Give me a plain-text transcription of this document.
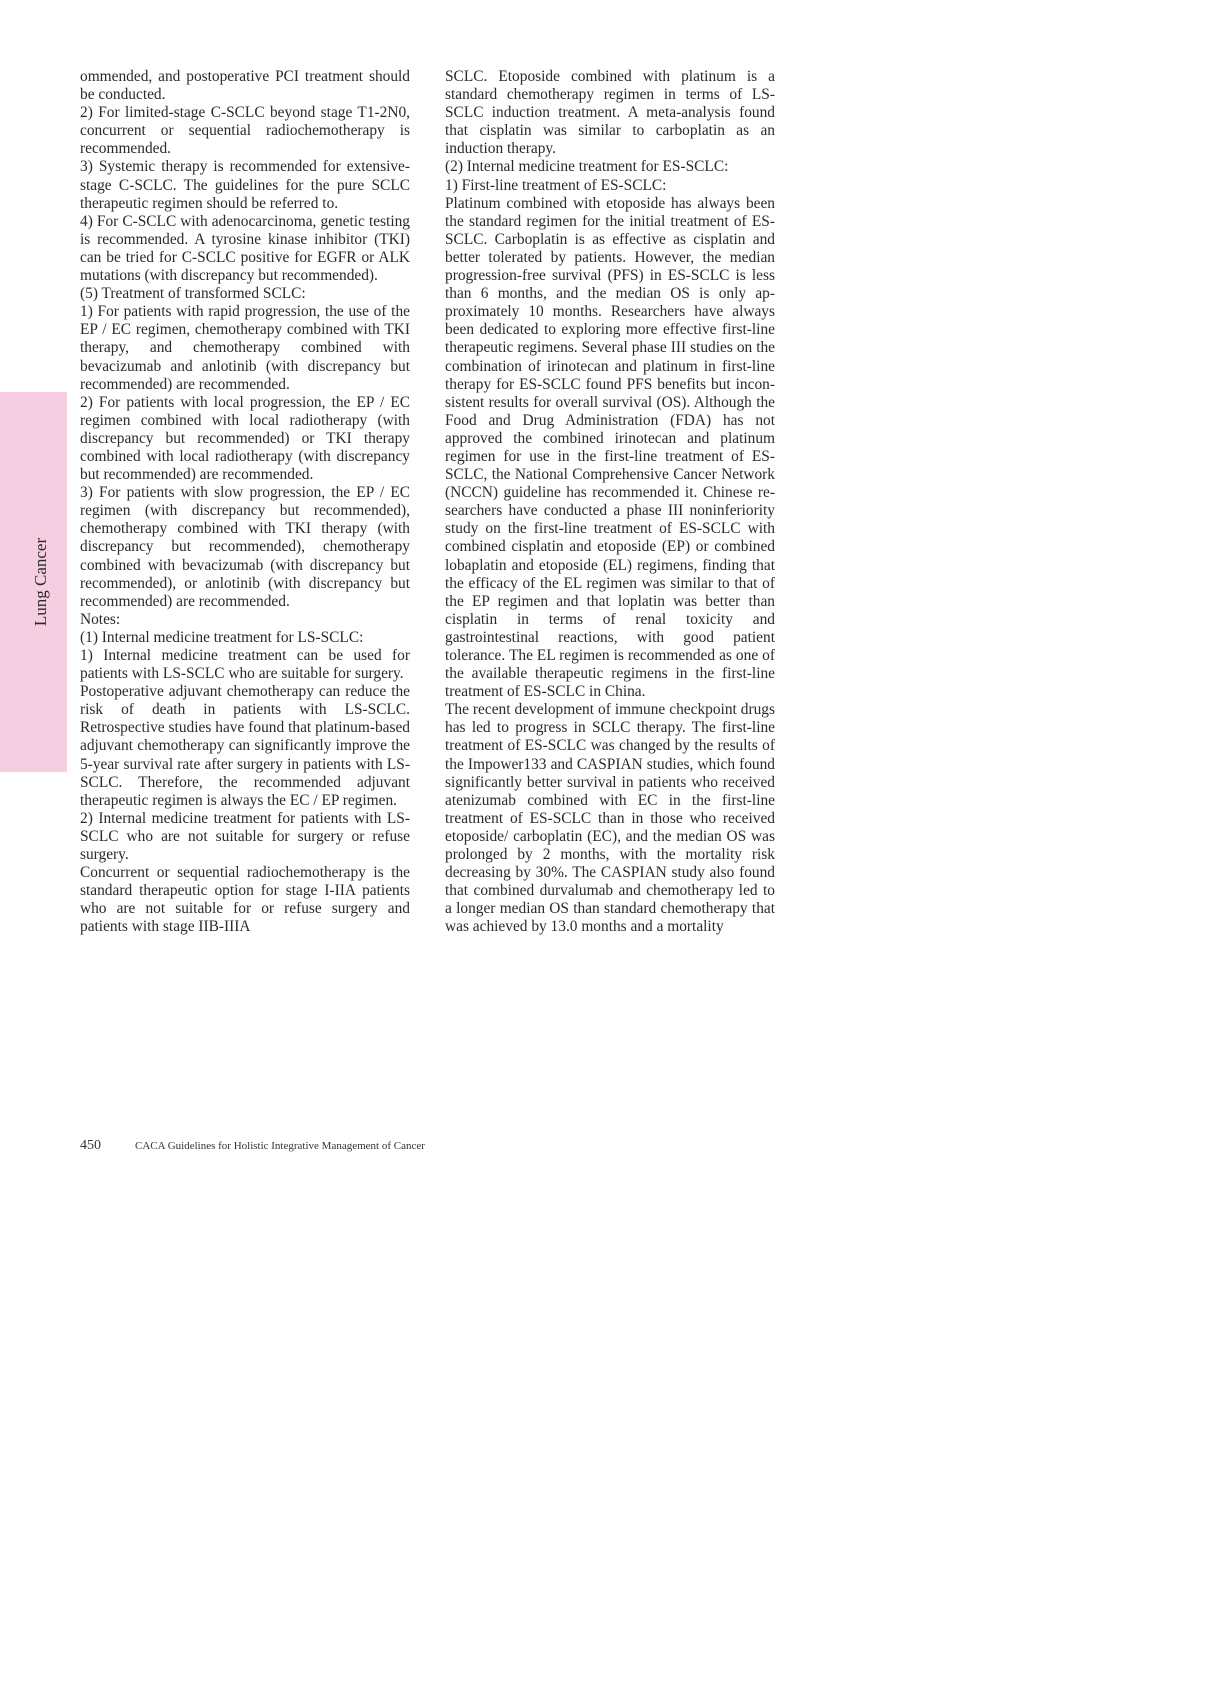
Lung Cancer

ommended, and postoperative PCI treatment should be conducted.

2) For limited-stage C-SCLC beyond stage T1-2N0, concurrent or sequential radiochemotherapy is recommended.

3) Systemic therapy is recommended for extensive-stage C-SCLC. The guidelines for the pure SCLC therapeutic regimen should be referred to.

4) For C-SCLC with adenocarcinoma, genetic testing is recommended. A tyrosine kinase inhibitor (TKI) can be tried for C-SCLC positive for EGFR or ALK mutations (with discrepancy but recommended).

(5) Treatment of transformed SCLC:

1) For patients with rapid progression, the use of the EP / EC regimen, chemotherapy combined with TKI therapy, and chemotherapy combined with bevacizumab and anlotinib (with discrepancy but recommended) are recommended.

2) For patients with local progression, the EP / EC regimen combined with local radiotherapy (with discrepancy but recommended) or TKI therapy combined with local radiotherapy (with discrepancy but recommended) are recommended.

3) For patients with slow progression, the EP / EC regimen (with discrepancy but recommended), chemotherapy combined with TKI therapy (with discrepancy but recommended), chemotherapy combined with bevacizumab (with discrepancy but recommended), or anlotinib (with discrepancy but recommended) are recommended.

Notes:

(1) Internal medicine treatment for LS-SCLC:

1) Internal medicine treatment can be used for patients with LS-SCLC who are suitable for surgery.

Postoperative adjuvant chemotherapy can reduce the risk of death in patients with LS-SCLC. Retrospective studies have found that platinum-based adjuvant chemotherapy can significantly improve the 5-year survival rate after surgery in patients with LS-SCLC. Therefore, the recommended adjuvant therapeutic regimen is always the EC / EP regimen.

2) Internal medicine treatment for patients with LS-SCLC who are not suitable for surgery or refuse surgery.

Concurrent or sequential radiochemotherapy is the standard therapeutic option for stage I-IIA patients who are not suitable for or refuse surgery and patients with stage IIB-IIIA

SCLC. Etoposide combined with platinum is a standard chemotherapy regimen in terms of LS-SCLC induction treatment. A meta-analysis found that cisplatin was similar to carboplatin as an induction therapy.

(2) Internal medicine treatment for ES-SCLC:

1) First-line treatment of ES-SCLC:

Platinum combined with etoposide has always been the standard regimen for the initial treatment of ES-SCLC. Carboplatin is as effective as cisplatin and better tolerated by patients. However, the median progression-free survival (PFS) in ES-SCLC is less than 6 months, and the median OS is only approximately 10 months. Researchers have always been dedicated to exploring more effective first-line therapeutic regimens. Several phase III studies on the combination of irinotecan and platinum in first-line therapy for ES-SCLC found PFS benefits but inconsistent results for overall survival (OS). Although the Food and Drug Administration (FDA) has not approved the combined irinotecan and platinum regimen for use in the first-line treatment of ES-SCLC, the National Comprehensive Cancer Network (NCCN) guideline has recommended it. Chinese researchers have conducted a phase III noninferiority study on the first-line treatment of ES-SCLC with combined cisplatin and etoposide (EP) or combined lobaplatin and etoposide (EL) regimens, finding that the efficacy of the EL regimen was similar to that of the EP regimen and that loplatin was better than cisplatin in terms of renal toxicity and gastrointestinal reactions, with good patient tolerance. The EL regimen is recommended as one of the available therapeutic regimens in the first-line treatment of ES-SCLC in China.

The recent development of immune checkpoint drugs has led to progress in SCLC therapy. The first-line treatment of ES-SCLC was changed by the results of the Impower133 and CASPIAN studies, which found significantly better survival in patients who received atenizumab combined with EC in the first-line treatment of ES-SCLC than in those who received etoposide/ carboplatin (EC), and the median OS was prolonged by 2 months, with the mortality risk decreasing by 30%. The CASPIAN study also found that combined durvalumab and chemotherapy led to a longer median OS than standard chemotherapy that was achieved by 13.0 months and a mortality

450	CACA Guidelines for Holistic Integrative Management of Cancer
